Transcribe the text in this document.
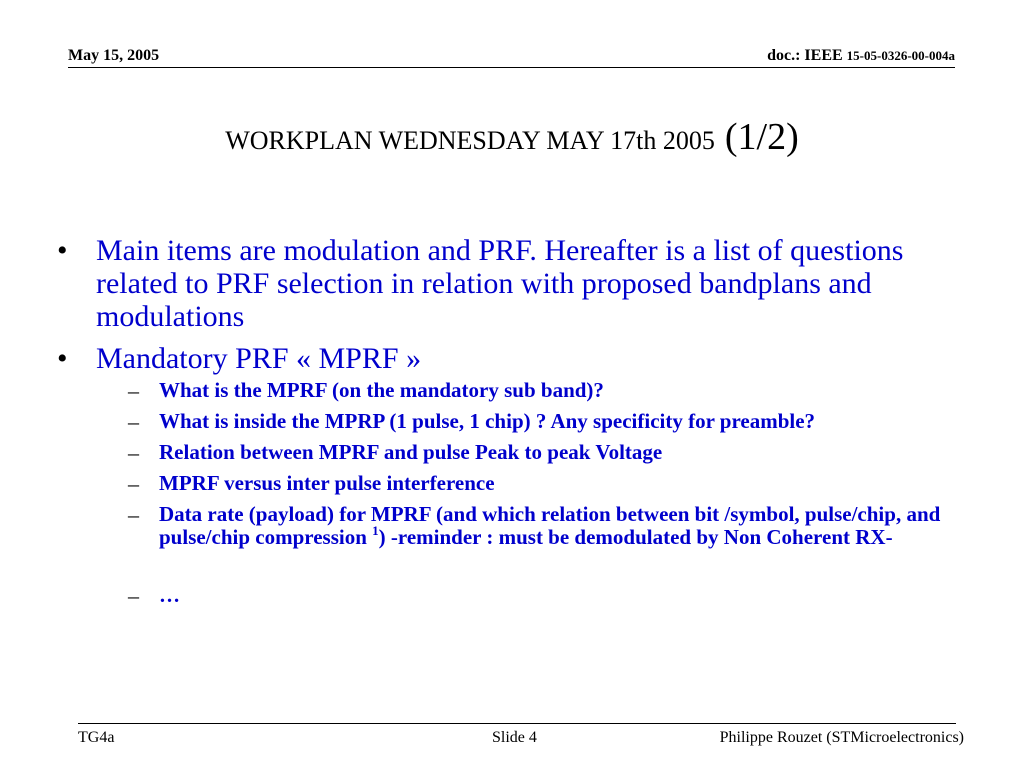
May 15, 2005	doc.: IEEE 15-05-0326-00-004a
WORKPLAN WEDNESDAY MAY 17th 2005 (1/2)
• Main items are modulation and PRF. Hereafter is a list of questions related to PRF selection in relation with proposed bandplans and modulations
• Mandatory PRF « MPRF »
– What is the MPRF (on the mandatory sub band)?
– What is inside the MPRP (1 pulse, 1 chip) ? Any specificity for preamble?
– Relation between MPRF and pulse Peak to peak Voltage
– MPRF versus inter pulse interference
– Data rate (payload) for MPRF (and which relation between bit /symbol, pulse/chip, and pulse/chip compression $^1$) -reminder : must be demodulated by Non Coherent RX-
– …
TG4a	Slide 4	Philippe Rouzet (STMicroelectronics)
